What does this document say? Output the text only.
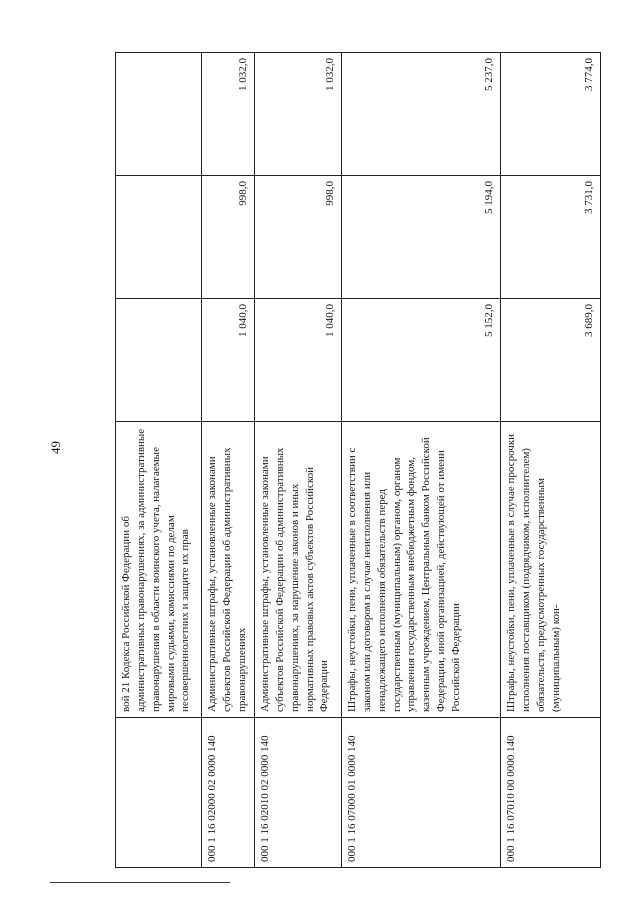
49
	вой 21 Кодекса Российской Федерации об административных правонарушениях, за административные правонарушения в области воинского учета, налагаемые мировыми судьями, комиссиями по делам несовершеннолетних и защите их прав			
000 1 16 02000 02 0000 140	Административные штрафы, установленные законами субъектов Российской Федерации об административных правонарушениях	1 040,0	998,0	1 032,0
000 1 16 02010 02 0000 140	Административные штрафы, установленные законами субъектов Российской Федерации об административных правонарушениях, за нарушение законов и иных нормативных правовых актов субъектов Российской Федерации	1 040,0	998,0	1 032,0
000 1 16 07000 01 0000 140	Штрафы, неустойки, пени, уплаченные в соответствии с законом или договором в случае неисполнения или ненадлежащего исполнения обязательств перед государственным (муниципальным) органом, органом управления государственным внебюджетным фондом, казенным учреждением, Центральным банком Российской Федерации, иной организацией, действующей от имени Российской Федерации	5 152,0	5 194,0	5 237,0
000 1 16 07010 00 0000 140	Штрафы, неустойки, пени, уплаченные в случае просрочки исполнения поставщиком (подрядчиком, исполнителем) обязательств, предусмотренных государственным (муниципальным) кон-	3 689,0	3 731,0	3 774,0
